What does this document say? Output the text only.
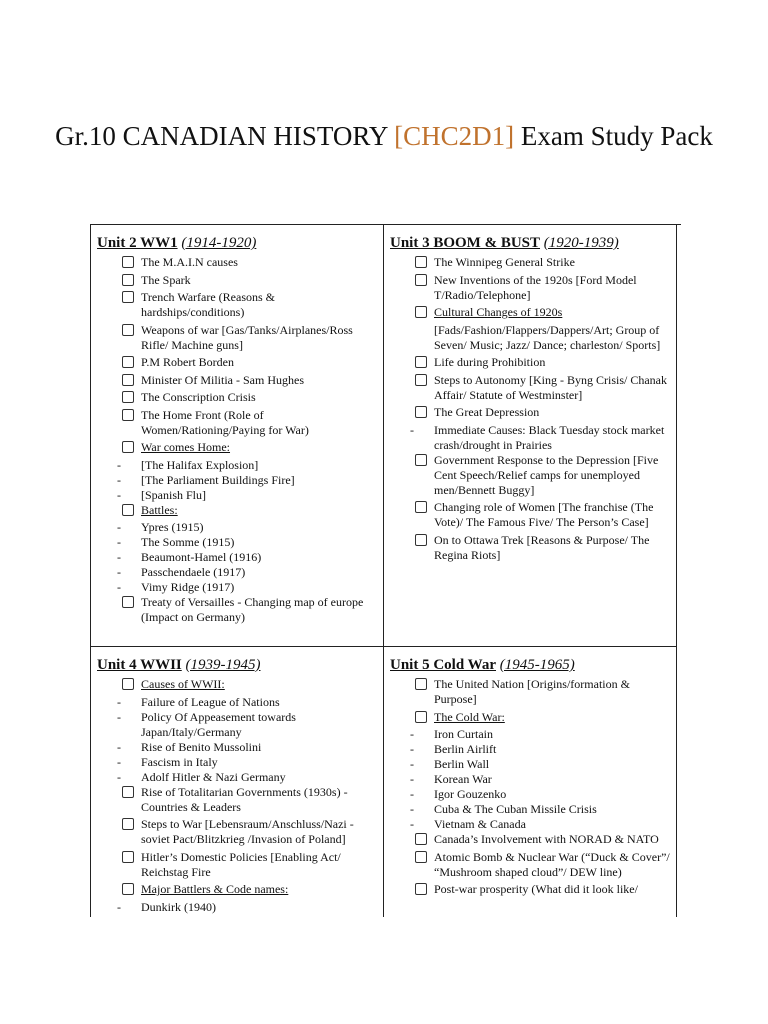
Gr.10 CANADIAN HISTORY [CHC2D1] Exam Study Pack
Unit 2 WW1 (1914-1920)
The M.A.I.N causes
The Spark
Trench Warfare (Reasons & hardships/conditions)
Weapons of war [Gas/Tanks/Airplanes/Ross Rifle/ Machine guns]
P.M Robert Borden
Minister Of Militia - Sam Hughes
The Conscription Crisis
The Home Front (Role of Women/Rationing/Paying for War)
War comes Home:
- [The Halifax Explosion]
- [The Parliament Buildings Fire]
- [Spanish Flu]
Battles:
- Ypres (1915)
- The Somme (1915)
- Beaumont-Hamel (1916)
- Passchendaele (1917)
- Vimy Ridge (1917)
Treaty of Versailles - Changing map of europe (Impact on Germany)
Unit 3 BOOM & BUST (1920-1939)
The Winnipeg General Strike
New Inventions of the 1920s [Ford Model T/Radio/Telephone]
Cultural Changes of 1920s
[Fads/Fashion/Flappers/Dappers/Art; Group of Seven/ Music; Jazz/ Dance; charleston/ Sports]
Life during Prohibition
Steps to Autonomy [King - Byng Crisis/ Chanak Affair/ Statute of Westminster]
The Great Depression
- Immediate Causes: Black Tuesday stock market crash/drought in Prairies
Government Response to the Depression [Five Cent Speech/Relief camps for unemployed men/Bennett Buggy]
Changing role of Women [The franchise (The Vote)/ The Famous Five/ The Person’s Case]
On to Ottawa Trek [Reasons & Purpose/ The Regina Riots]
Unit 4 WWII (1939-1945)
Causes of WWII:
- Failure of League of Nations
- Policy Of Appeasement towards Japan/Italy/Germany
- Rise of Benito Mussolini
- Fascism in Italy
- Adolf Hitler & Nazi Germany
Rise of Totalitarian Governments (1930s) - Countries & Leaders
Steps to War [Lebensraum/Anschluss/Nazi - soviet Pact/Blitzkrieg /Invasion of Poland]
Hitler’s Domestic Policies [Enabling Act/ Reichstag Fire
Major Battlers & Code names:
- Dunkirk (1940)
Unit 5 Cold War (1945-1965)
The United Nation [Origins/formation & Purpose]
The Cold War:
- Iron Curtain
- Berlin Airlift
- Berlin Wall
- Korean War
- Igor Gouzenko
- Cuba & The Cuban Missile Crisis
- Vietnam & Canada
Canada’s Involvement with NORAD & NATO
Atomic Bomb & Nuclear War (“Duck & Cover”/ “Mushroom shaped cloud”/ DEW line)
Post-war prosperity (What did it look like/
